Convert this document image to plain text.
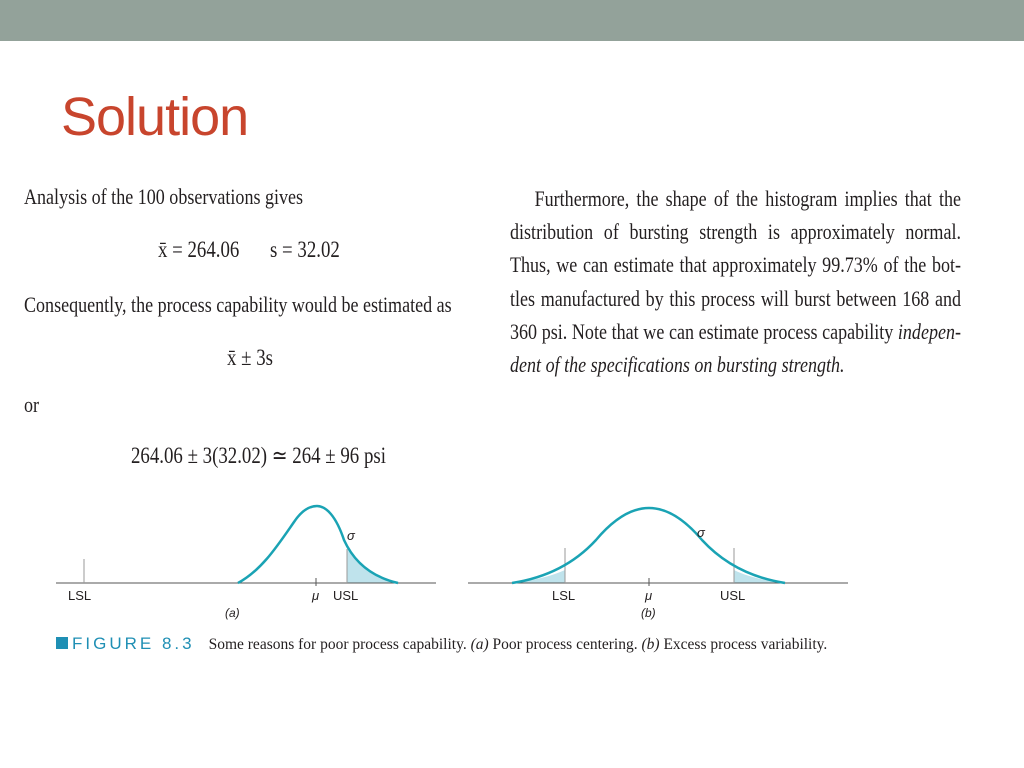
Solution
Analysis of the 100 observations gives
x̄ = 264.06 s = 32.02
Consequently, the process capability would be estimated as
x̄ ± 3s
or
264.06 ± 3(32.02) ≃ 264 ± 96 psi
Furthermore, the shape of the histogram implies that the
distribution of bursting strength is approximately normal.
Thus, we can estimate that approximately 99.73% of the bot-
tles manufactured by this process will burst between 168 and
360 psi. Note that we can estimate process capability indepen-
dent of the specifications on bursting strength.
LSL	μ USL
σ
(a)
LSL	μ	USL
σ
(b)
FIGURE 8.3 Some reasons for poor process capability. (a) Poor process centering. (b) Excess process variability.
